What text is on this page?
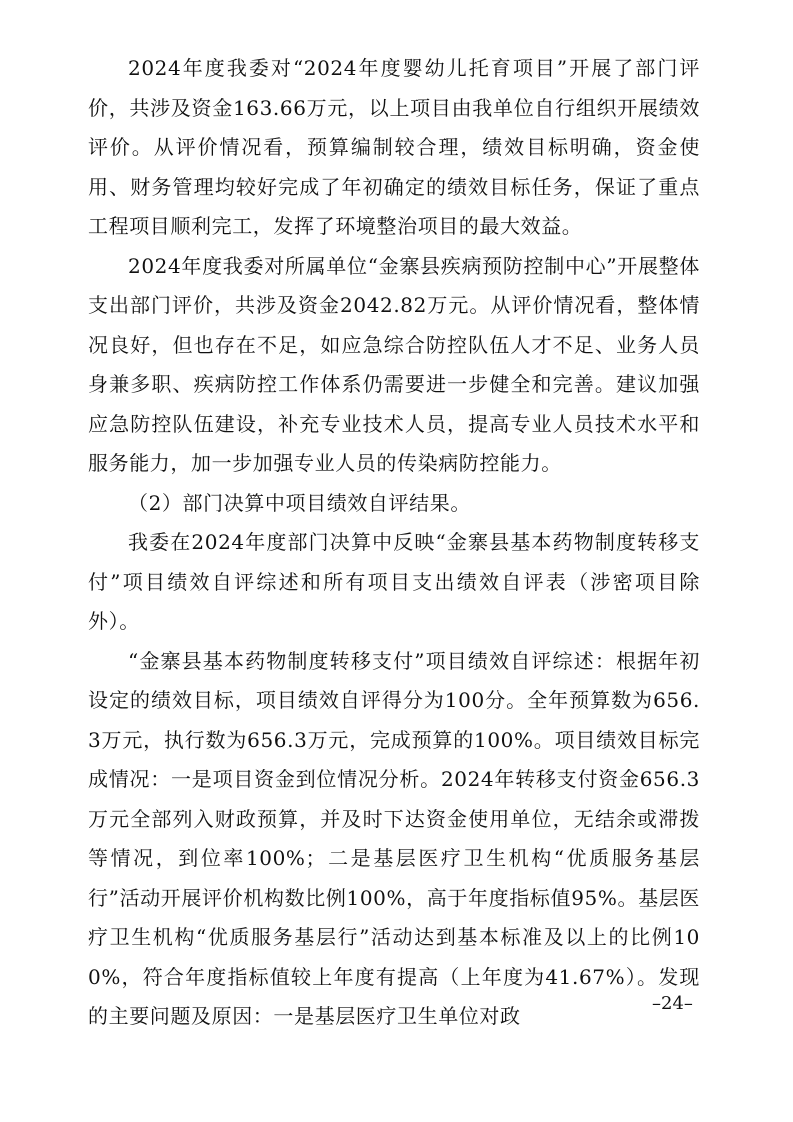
2024年度我委对“2024年度婴幼儿托育项目”开展了部门评价，共涉及资金163.66万元，以上项目由我单位自行组织开展绩效评价。从评价情况看，预算编制较合理，绩效目标明确，资金使用、财务管理均较好完成了年初确定的绩效目标任务，保证了重点工程项目顺利完工，发挥了环境整治项目的最大效益。

2024年度我委对所属单位“金寨县疾病预防控制中心”开展整体支出部门评价，共涉及资金2042.82万元。从评价情况看，整体情况良好，但也存在不足，如应急综合防控队伍人才不足、业务人员身兼多职、疾病防控工作体系仍需要进一步健全和完善。建议加强应急防控队伍建设，补充专业技术人员，提高专业人员技术水平和服务能力，加一步加强专业人员的传染病防控能力。

（2）部门决算中项目绩效自评结果。

我委在2024年度部门决算中反映“金寨县基本药物制度转移支付”项目绩效自评综述和所有项目支出绩效自评表（涉密项目除外）。

“金寨县基本药物制度转移支付”项目绩效自评综述：根据年初设定的绩效目标，项目绩效自评得分为100分。全年预算数为656.3万元，执行数为656.3万元，完成预算的100%。项目绩效目标完成情况：一是项目资金到位情况分析。2024年转移支付资金656.3万元全部列入财政预算，并及时下达资金使用单位，无结余或滞拨等情况，到位率100%；二是基层医疗卫生机构“优质服务基层行”活动开展评价机构数比例100%，高于年度指标值95%。基层医疗卫生机构“优质服务基层行”活动达到基本标准及以上的比例100%，符合年度指标值较上年度有提高（上年度为41.67%）。发现的主要问题及原因：一是基层医疗卫生单位对政

–24–
